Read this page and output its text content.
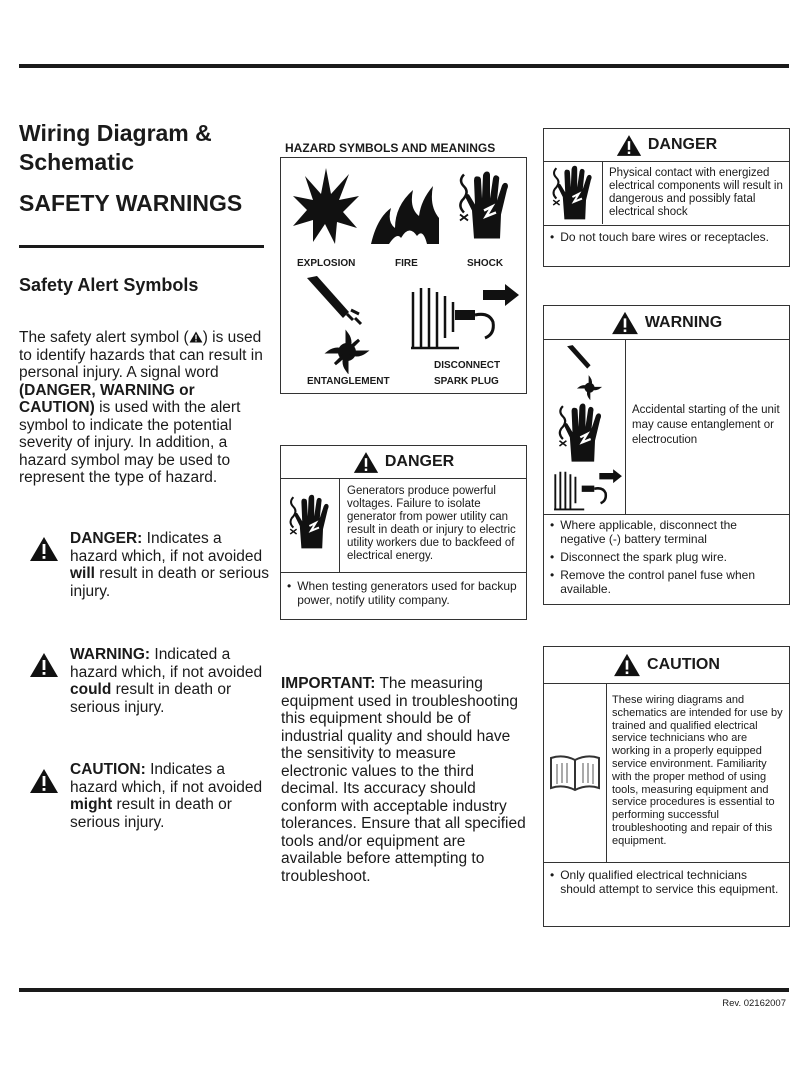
Wiring Diagram &
Schematic
SAFETY WARNINGS
Safety Alert Symbols
The safety alert symbol ( ) is used to identify hazards that can result in personal injury. A signal word (DANGER, WARNING or CAUTION) is used with the alert symbol to indicate the potential severity of injury. In addition, a hazard symbol may be used to represent the type of hazard.
DANGER: Indicates a hazard which, if not avoided will result in death or serious injury.
WARNING: Indicated a hazard which, if not avoided could result in death or serious injury.
CAUTION: Indicates a hazard which, if not avoided might result in death or serious injury.
HAZARD SYMBOLS AND MEANINGS
EXPLOSION	FIRE	SHOCK
ENTANGLEMENT
DISCONNECT
SPARK PLUG
DANGER
Generators produce powerful voltages. Failure to isolate generator from power utility can result in death or injury to electric utility workers due to backfeed of electrical energy.
• When testing generators used for backup power, notify utility company.
IMPORTANT: The measuring equipment used in troubleshooting this equipment should be of industrial quality and should have the sensitivity to measure electronic values to the third decimal. Its accuracy should conform with acceptable industry tolerances. Ensure that all specified tools and/or equipment are available before attempting to troubleshoot.
DANGER
Physical contact with energized electrical components will result in dangerous and possibly fatal electrical shock
• Do not touch bare wires or receptacles.
WARNING
Accidental starting of the unit may cause entanglement or electrocution
• Where applicable, disconnect the negative (-) battery terminal
• Disconnect the spark plug wire.
• Remove the control panel fuse when available.
CAUTION
These wiring diagrams and schematics are intended for use by trained and qualified electrical service technicians who are working in a properly equipped service environment. Familiarity with the proper method of using tools, measuring equipment and service procedures is essential to performing successful troubleshooting and repair of this equipment.
• Only qualified electrical technicians should attempt to service this equipment.
Rev. 02162007
